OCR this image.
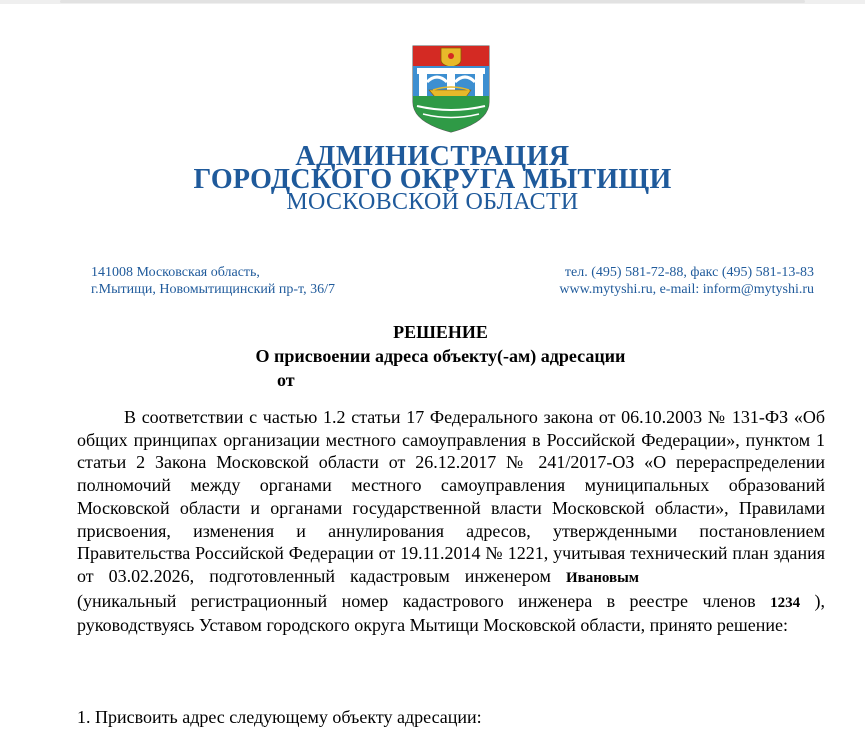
АДМИНИСТРАЦИЯ
ГОРОДСКОГО ОКРУГА МЫТИЩИ
МОСКОВСКОЙ ОБЛАСТИ
141008 Московская область,
г.Мытищи, Новомытищинский пр-т, 36/7
тел. (495) 581-72-88, факс (495) 581-13-83
www.mytyshi.ru, e-mail: inform@mytyshi.ru
РЕШЕНИЕ
О присвоении адреса объекту(-ам) адресации
от

В соответствии с частью 1.2 статьи 17 Федерального закона от 06.10.2003 № 131-ФЗ «Об общих принципах организации местного самоуправления в Российской Федерации», пунктом 1 статьи 2 Закона Московской области от 26.12.2017 № 241/2017-ОЗ «О перераспределении полномочий между органами местного самоуправления муниципальных образований Московской области и органами государственной власти Московской области», Правилами присвоения, изменения и аннулирования адресов, утвержденными постановлением Правительства Российской Федерации от 19.11.2014 № 1221, учитывая технический план здания от 03.02.2026, подготовленный кадастровым инженером Ивановым (уникальный регистрационный номер кадастрового инженера в реестре членов 1234 ), руководствуясь Уставом городского округа Мытищи Московской области, принято решение:

1. Присвоить адрес следующему объекту адресации:
